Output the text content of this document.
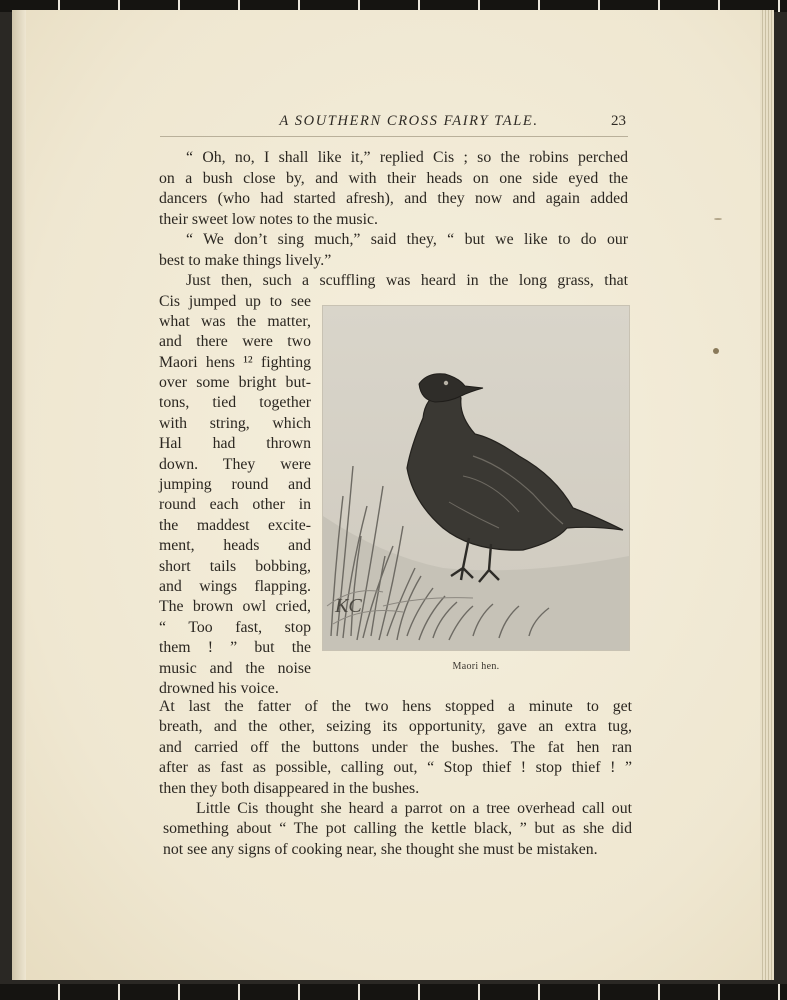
A SOUTHERN CROSS FAIRY TALE.	23
“ Oh, no, I shall like it,” replied Cis ; so the robins perched
on a bush close by, and with their heads on one side eyed the
dancers (who had started afresh), and they now and again added
their sweet low notes to the music.
“ We don’t sing much,” said they, “ but we like to do our
best to make things lively.”
Just then, such a scuffling was heard in the long grass, that
Cis jumped up to see
what was the matter,
and there were two
Maori hens ¹² fighting
over some bright but-
tons, tied together
with string, which
Hal had thrown
down. They were
jumping round and
round each other in
the maddest excite-
ment, heads and
short tails bobbing,
and wings flapping.
The brown owl cried,
“ Too fast, stop
them ! ” but the
music and the noise
drowned his voice.
At last the fatter of the two hens stopped a minute to get
breath, and the other, seizing its opportunity, gave an extra tug,
and carried off the buttons under the bushes. The fat hen ran
after as fast as possible, calling out, “ Stop thief ! stop thief ! ”
then they both disappeared in the bushes.
Little Cis thought she heard a parrot on a tree overhead call out
something about “ The pot calling the kettle black, ” but as she did
not see any signs of cooking near, she thought she must be mistaken.
KC
Maori hen.
